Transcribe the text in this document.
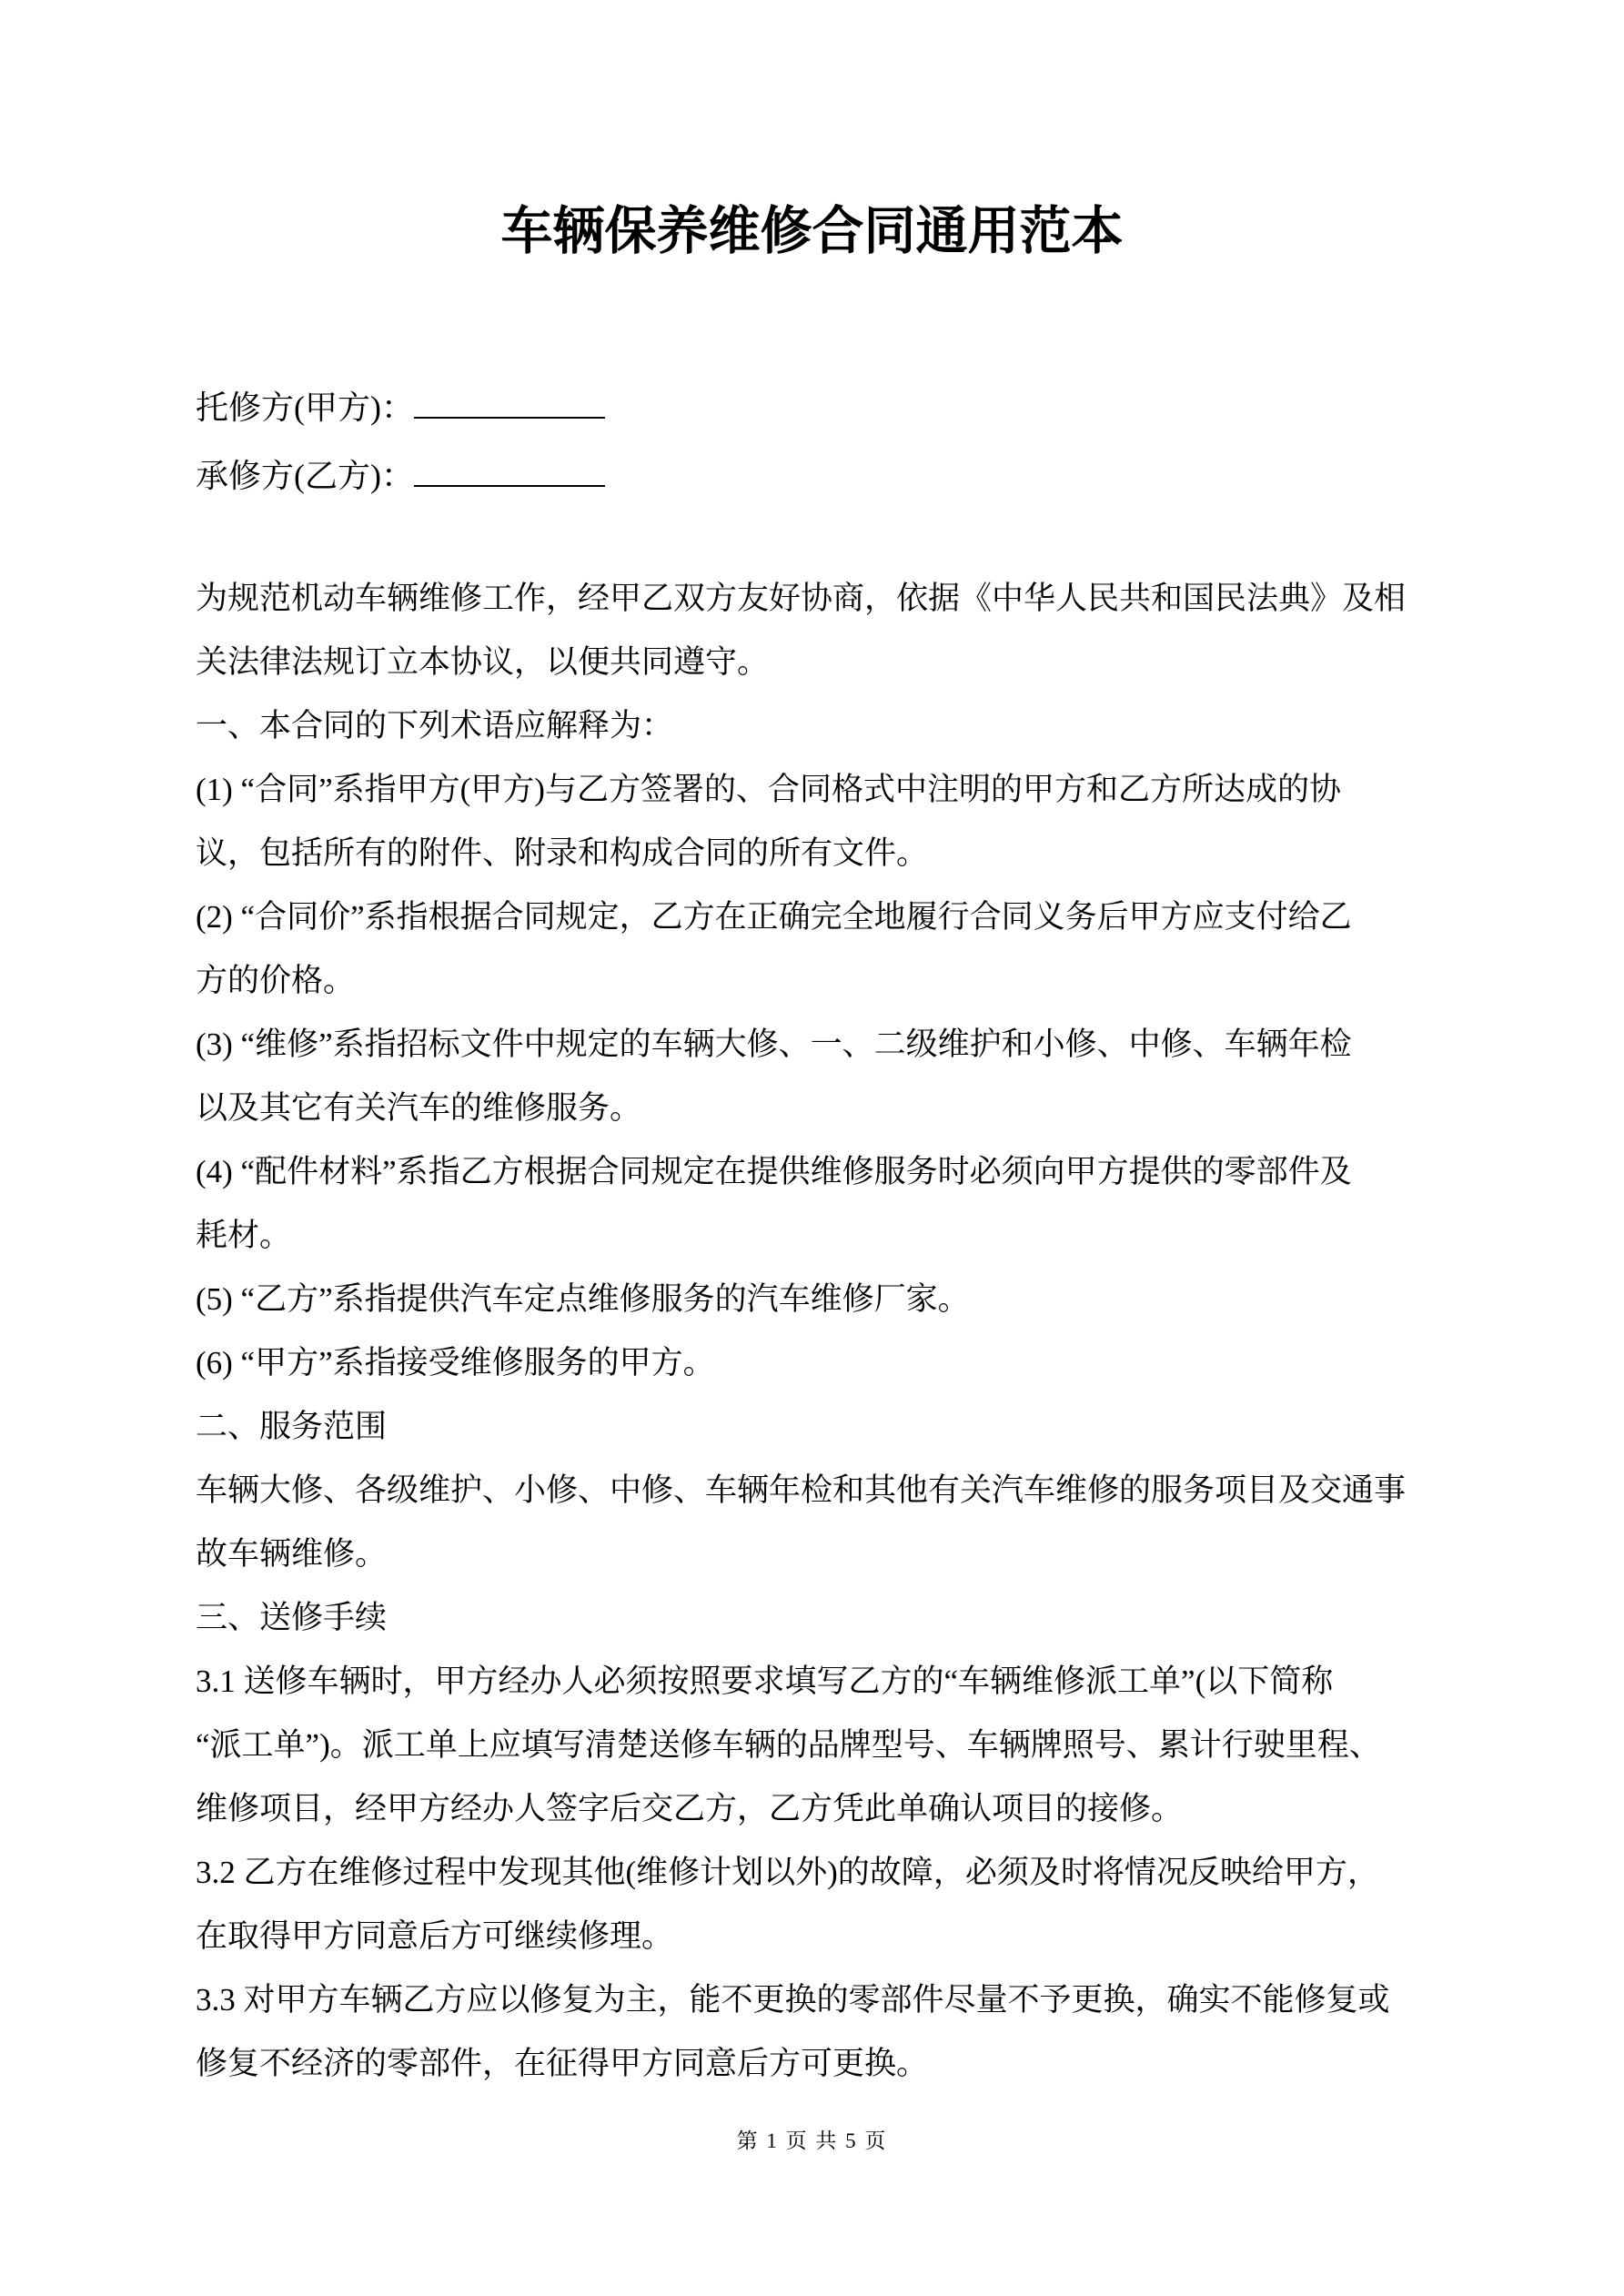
车辆保养维修合同通用范本
托修方(甲方)：
承修方(乙方)：
为规范机动车辆维修工作，经甲乙双方友好协商，依据《中华人民共和国民法典》及相
关法律法规订立本协议，以便共同遵守。
一、本合同的下列术语应解释为：
(1) “合同”系指甲方(甲方)与乙方签署的、合同格式中注明的甲方和乙方所达成的协
议，包括所有的附件、附录和构成合同的所有文件。
(2) “合同价”系指根据合同规定，乙方在正确完全地履行合同义务后甲方应支付给乙
方的价格。
(3) “维修”系指招标文件中规定的车辆大修、一、二级维护和小修、中修、车辆年检
以及其它有关汽车的维修服务。
(4) “配件材料”系指乙方根据合同规定在提供维修服务时必须向甲方提供的零部件及
耗材。
(5) “乙方”系指提供汽车定点维修服务的汽车维修厂家。
(6) “甲方”系指接受维修服务的甲方。
二、服务范围
车辆大修、各级维护、小修、中修、车辆年检和其他有关汽车维修的服务项目及交通事
故车辆维修。
三、送修手续
3.1 送修车辆时，甲方经办人必须按照要求填写乙方的“车辆维修派工单”(以下简称
“派工单”)。派工单上应填写清楚送修车辆的品牌型号、车辆牌照号、累计行驶里程、
维修项目，经甲方经办人签字后交乙方，乙方凭此单确认项目的接修。
3.2 乙方在维修过程中发现其他(维修计划以外)的故障，必须及时将情况反映给甲方，
在取得甲方同意后方可继续修理。
3.3 对甲方车辆乙方应以修复为主，能不更换的零部件尽量不予更换，确实不能修复或
修复不经济的零部件，在征得甲方同意后方可更换。
第 1 页 共 5 页
